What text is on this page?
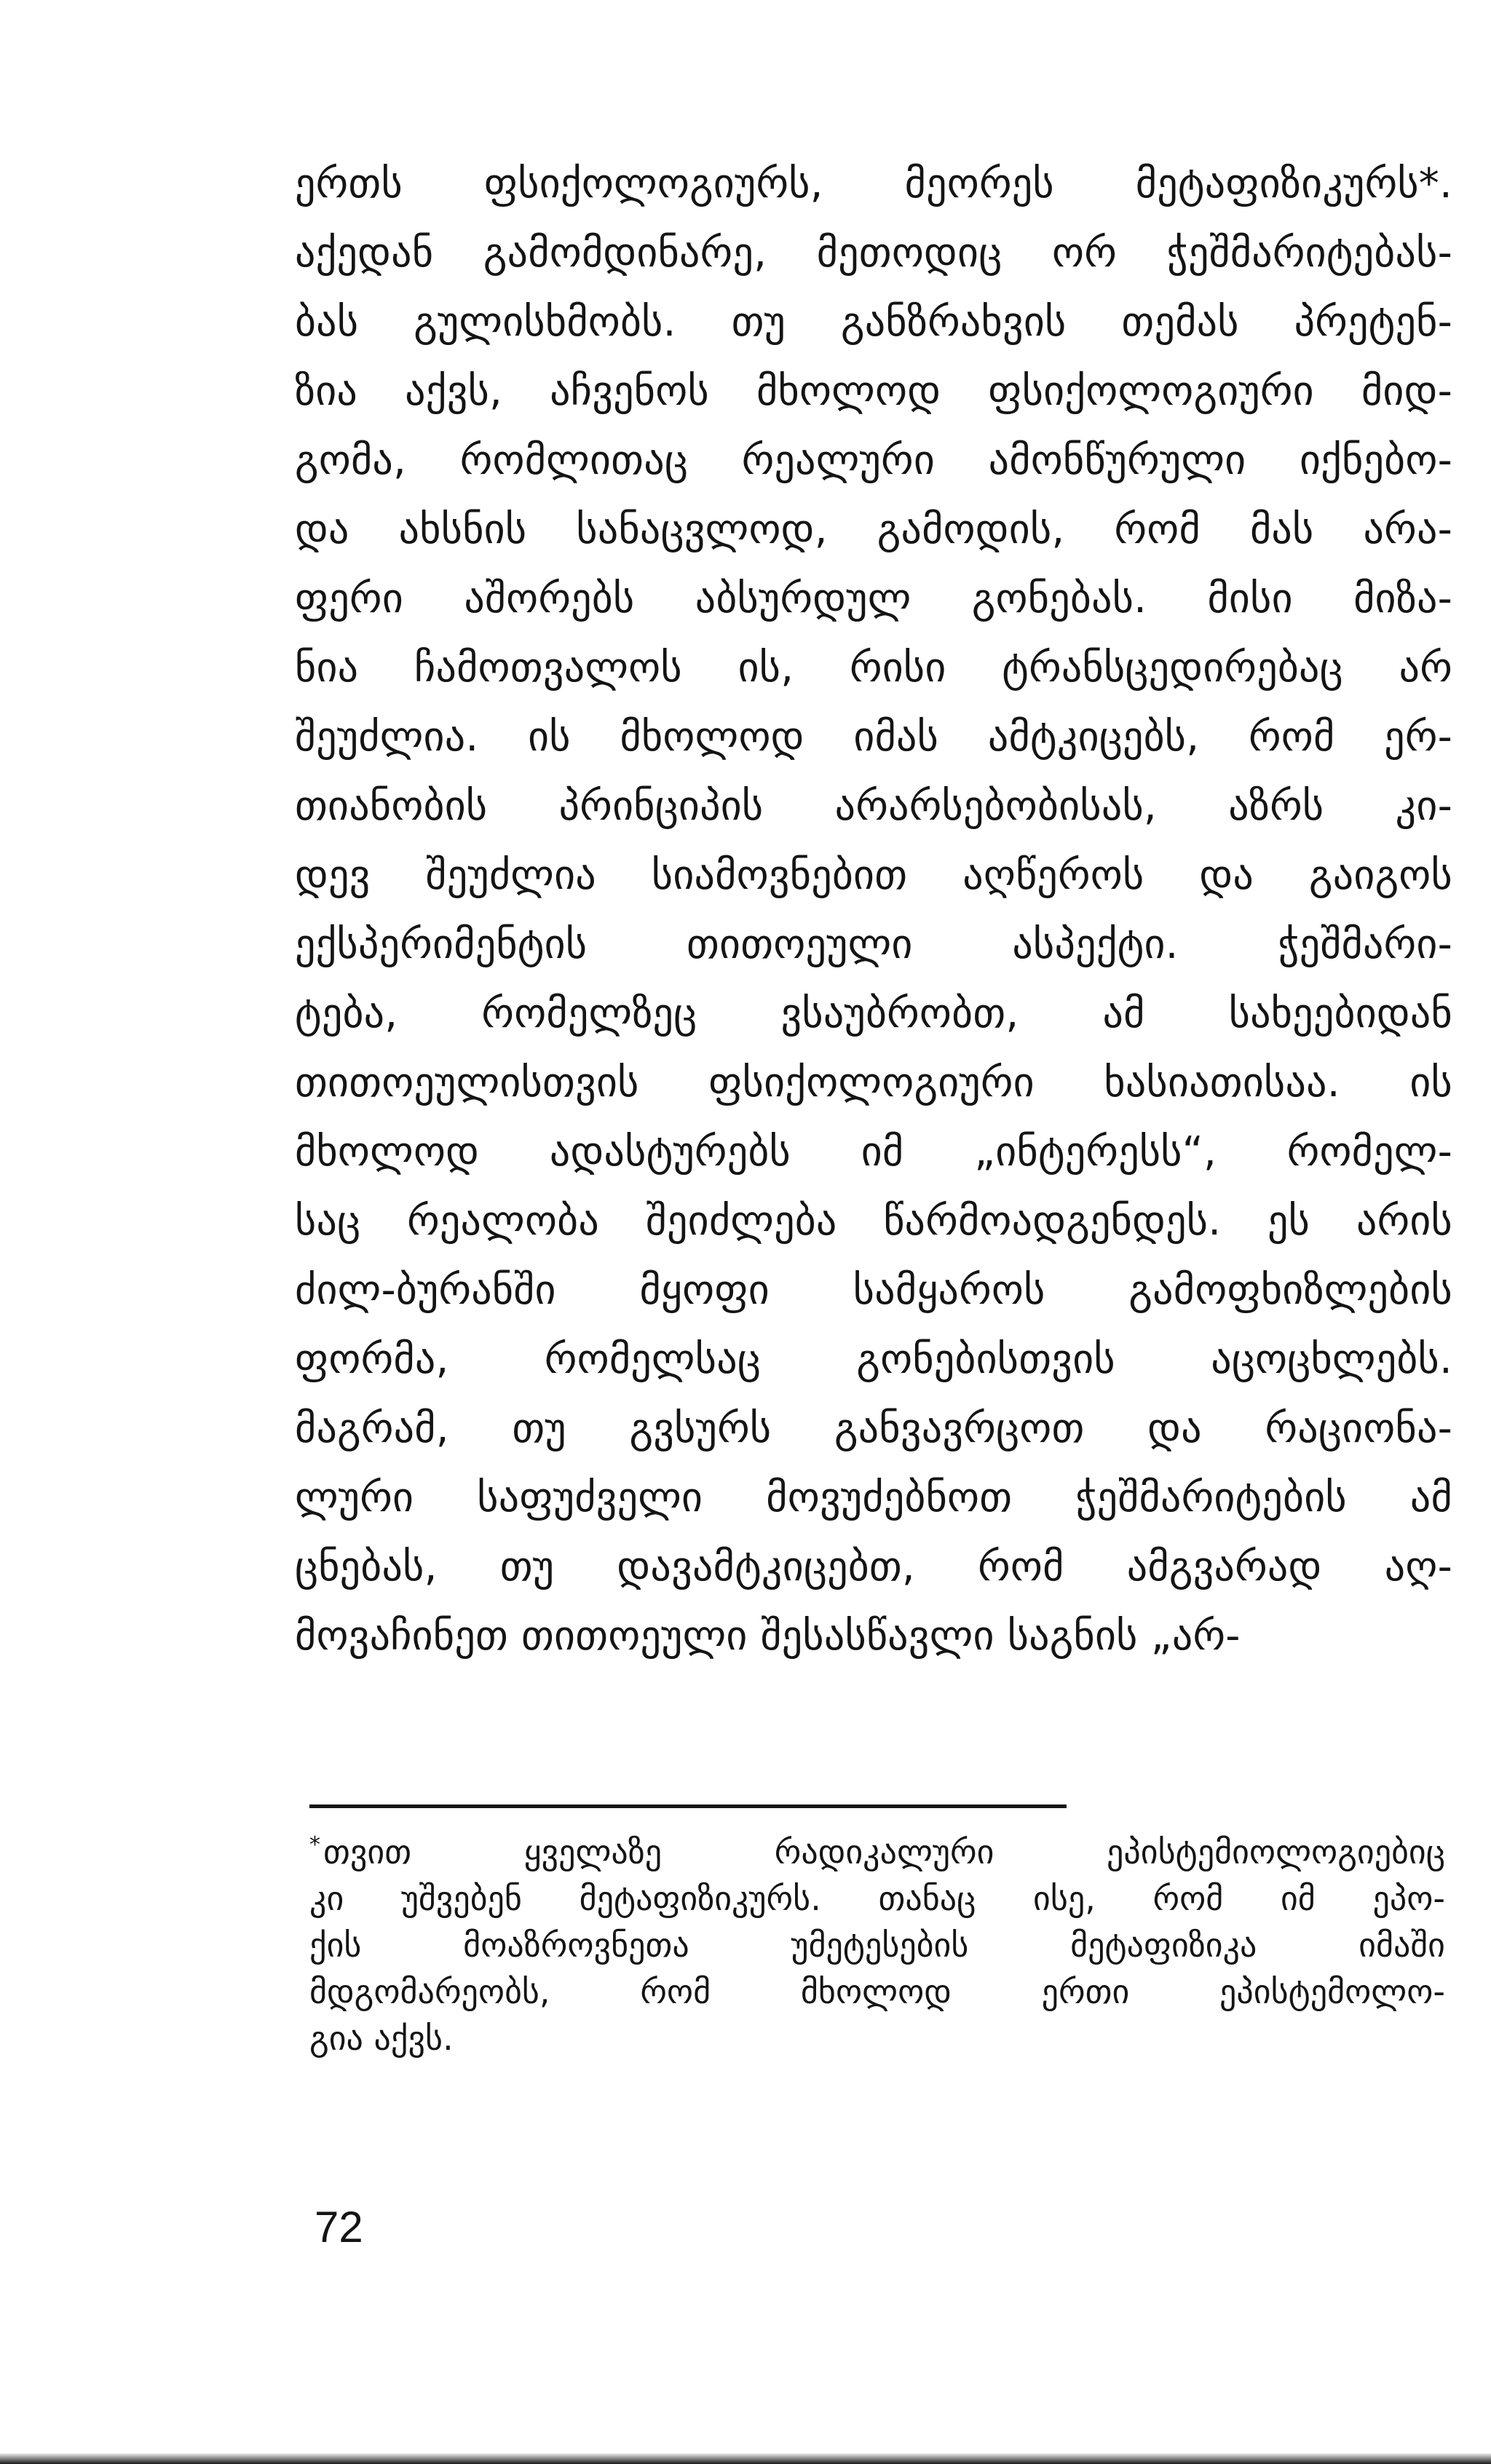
ერთს ფსიქოლოგიურს, მეორეს მეტაფიზიკურს*.
აქედან გამომდინარე, მეთოდიც ორ ჭეშმარიტებას-
ბას გულისხმობს. თუ განზრახვის თემას პრეტენ-
ზია აქვს, აჩვენოს მხოლოდ ფსიქოლოგიური მიდ-
გომა, რომლითაც რეალური ამონწურული იქნებო-
და ახსნის სანაცვლოდ, გამოდის, რომ მას არა-
ფერი აშორებს აბსურდულ გონებას. მისი მიზა-
ნია ჩამოთვალოს ის, რისი ტრანსცედირებაც არ
შეუძლია. ის მხოლოდ იმას ამტკიცებს, რომ ერ-
თიანობის პრინციპის არარსებობისას, აზრს კი-
დევ შეუძლია სიამოვნებით აღწეროს და გაიგოს
ექსპერიმენტის თითოეული ასპექტი. ჭეშმარი-
ტება, რომელზეც ვსაუბრობთ, ამ სახეებიდან
თითოეულისთვის ფსიქოლოგიური ხასიათისაა. ის
მხოლოდ ადასტურებს იმ „ინტერესს“, რომელ-
საც რეალობა შეიძლება წარმოადგენდეს. ეს არის
ძილ-ბურანში მყოფი სამყაროს გამოფხიზლების
ფორმა, რომელსაც გონებისთვის აცოცხლებს.
მაგრამ, თუ გვსურს განვავრცოთ და რაციონა-
ლური საფუძველი მოვუძებნოთ ჭეშმარიტების ამ
ცნებას, თუ დავამტკიცებთ, რომ ამგვარად აღ-
მოვაჩინეთ თითოეული შესასწავლი საგნის „არ-
*თვით ყველაზე რადიკალური ეპისტემიოლოგიებიც
კი უშვებენ მეტაფიზიკურს. თანაც ისე, რომ იმ ეპო-
ქის მოაზროვნეთა უმეტესების მეტაფიზიკა იმაში
მდგომარეობს, რომ მხოლოდ ერთი ეპისტემოლო-
გია აქვს.
72
